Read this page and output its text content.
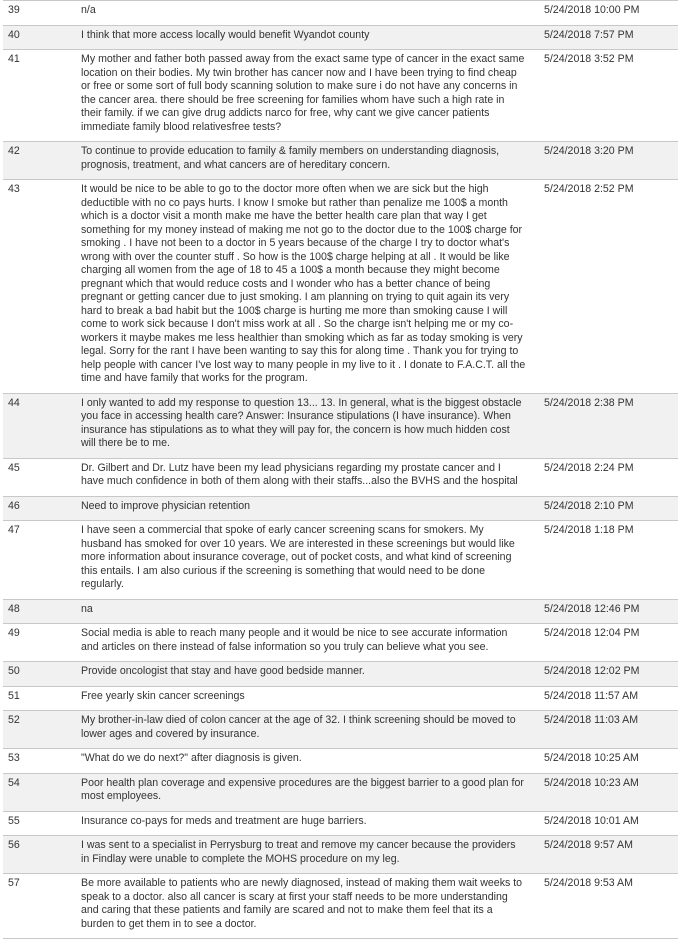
39	n/a	5/24/2018 10:00 PM
40	I think that more access locally would benefit Wyandot county	5/24/2018 7:57 PM
41	My mother and father both passed away from the exact same type of cancer in the exact same location on their bodies. My twin brother has cancer now and I have been trying to find cheap or free or some sort of full body scanning solution to make sure i do not have any concerns in the cancer area. there should be free screening for families whom have such a high rate in their family. if we can give drug addicts narco for free, why cant we give cancer patients immediate family blood relativesfree tests?	5/24/2018 3:52 PM
42	To continue to provide education to family & family members on understanding diagnosis, prognosis, treatment, and what cancers are of hereditary concern.	5/24/2018 3:20 PM
43	It would be nice to be able to go to the doctor more often when we are sick but the high deductible with no co pays hurts. I know I smoke but rather than penalize me 100$ a month which is a doctor visit a month make me have the better health care plan that way I get something for my money instead of making me not go to the doctor due to the 100$ charge for smoking . I have not been to a doctor in 5 years because of the charge I try to doctor what's wrong with over the counter stuff . So how is the 100$ charge helping at all . It would be like charging all women from the age of 18 to 45 a 100$ a month because they might become pregnant which that would reduce costs and I wonder who has a better chance of being pregnant or getting cancer due to just smoking. I am planning on trying to quit again its very hard to break a bad habit but the 100$ charge is hurting me more than smoking cause I will come to work sick because I don't miss work at all . So the charge isn't helping me or my co-workers it maybe makes me less healthier than smoking which as far as today smoking is very legal. Sorry for the rant I have been wanting to say this for along time . Thank you for trying to help people with cancer I've lost way to many people in my live to it . I donate to F.A.C.T. all the time and have family that works for the program.	5/24/2018 2:52 PM
44	I only wanted to add my response to question 13... 13. In general, what is the biggest obstacle you face in accessing health care? Answer: Insurance stipulations (I have insurance). When insurance has stipulations as to what they will pay for, the concern is how much hidden cost will there be to me.	5/24/2018 2:38 PM
45	Dr. Gilbert and Dr. Lutz have been my lead physicians regarding my prostate cancer and I have much confidence in both of them along with their staffs...also the BVHS and the hospital	5/24/2018 2:24 PM
46	Need to improve physician retention	5/24/2018 2:10 PM
47	I have seen a commercial that spoke of early cancer screening scans for smokers. My husband has smoked for over 10 years. We are interested in these screenings but would like more information about insurance coverage, out of pocket costs, and what kind of screening this entails. I am also curious if the screening is something that would need to be done regularly.	5/24/2018 1:18 PM
48	na	5/24/2018 12:46 PM
49	Social media is able to reach many people and it would be nice to see accurate information and articles on there instead of false information so you truly can believe what you see.	5/24/2018 12:04 PM
50	Provide oncologist that stay and have good bedside manner.	5/24/2018 12:02 PM
51	Free yearly skin cancer screenings	5/24/2018 11:57 AM
52	My brother-in-law died of colon cancer at the age of 32. I think screening should be moved to lower ages and covered by insurance.	5/24/2018 11:03 AM
53	"What do we do next?" after diagnosis is given.	5/24/2018 10:25 AM
54	Poor health plan coverage and expensive procedures are the biggest barrier to a good plan for most employees.	5/24/2018 10:23 AM
55	Insurance co-pays for meds and treatment are huge barriers.	5/24/2018 10:01 AM
56	I was sent to a specialist in Perrysburg to treat and remove my cancer because the providers in Findlay were unable to complete the MOHS procedure on my leg.	5/24/2018 9:57 AM
57	Be more available to patients who are newly diagnosed, instead of making them wait weeks to speak to a doctor. also all cancer is scary at first your staff needs to be more understanding and caring that these patients and family are scared and not to make them feel that its a burden to get them in to see a doctor.	5/24/2018 9:53 AM
